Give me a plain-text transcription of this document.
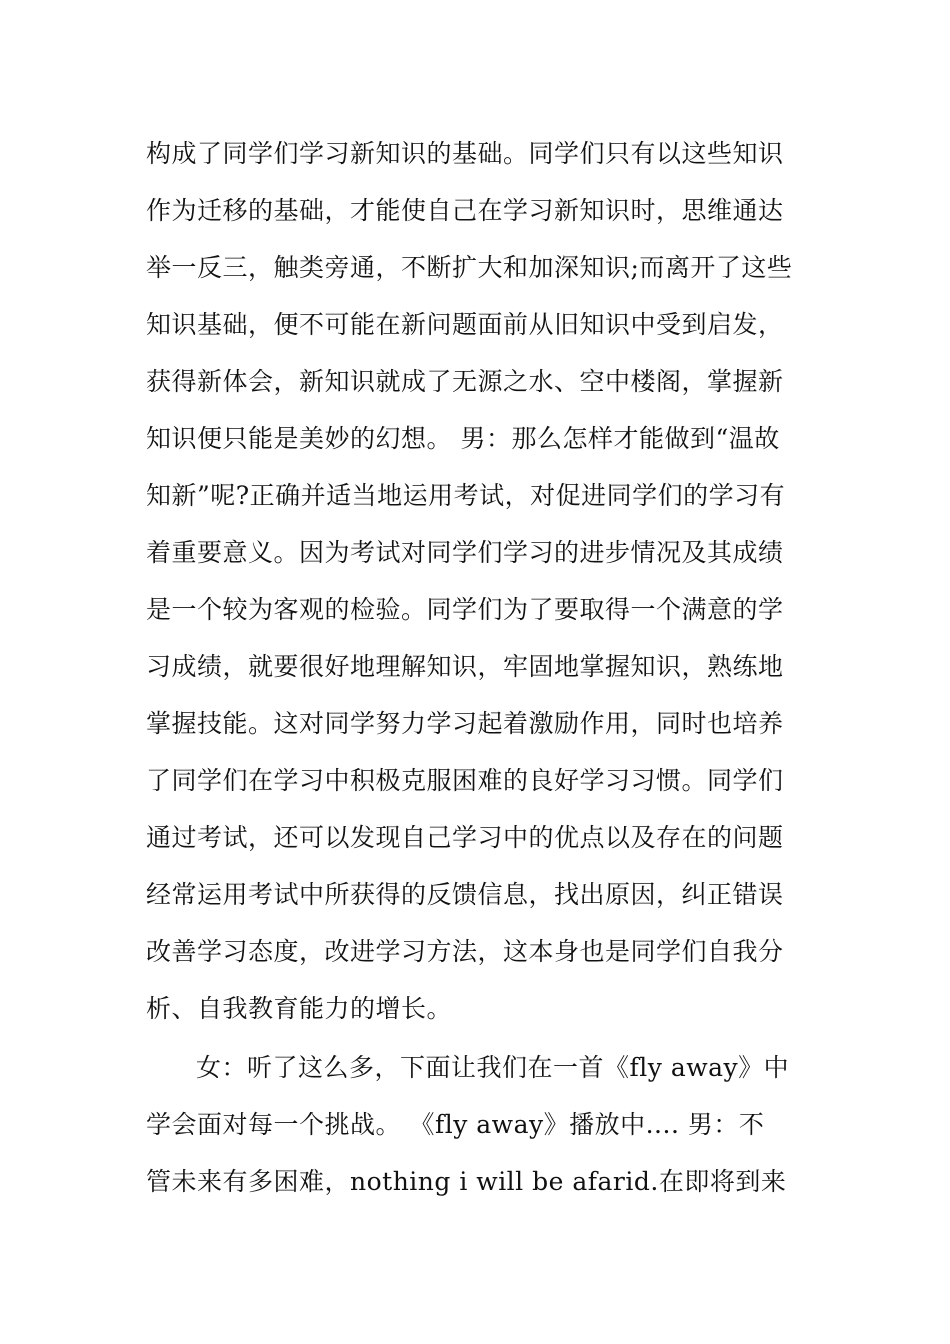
构成了同学们学习新知识的基础。同学们只有以这些知识
作为迁移的基础，才能使自己在学习新知识时，思维通达
举一反三，触类旁通，不断扩大和加深知识;而离开了这些
知识基础，便不可能在新问题面前从旧知识中受到启发，
获得新体会，新知识就成了无源之水、空中楼阁，掌握新
知识便只能是美妙的幻想。 男：那么怎样才能做到“温故
知新”呢?正确并适当地运用考试，对促进同学们的学习有
着重要意义。因为考试对同学们学习的进步情况及其成绩
是一个较为客观的检验。同学们为了要取得一个满意的学
习成绩，就要很好地理解知识，牢固地掌握知识，熟练地
掌握技能。这对同学努力学习起着激励作用，同时也培养
了同学们在学习中积极克服困难的良好学习习惯。同学们
通过考试，还可以发现自己学习中的优点以及存在的问题
经常运用考试中所获得的反馈信息，找出原因，纠正错误
改善学习态度，改进学习方法，这本身也是同学们自我分
析、自我教育能力的增长。
女：听了这么多，下面让我们在一首《fly away》中
学会面对每一个挑战。 《fly away》播放中.... 男：不
管未来有多困难，nothing i will be afarid.在即将到来
